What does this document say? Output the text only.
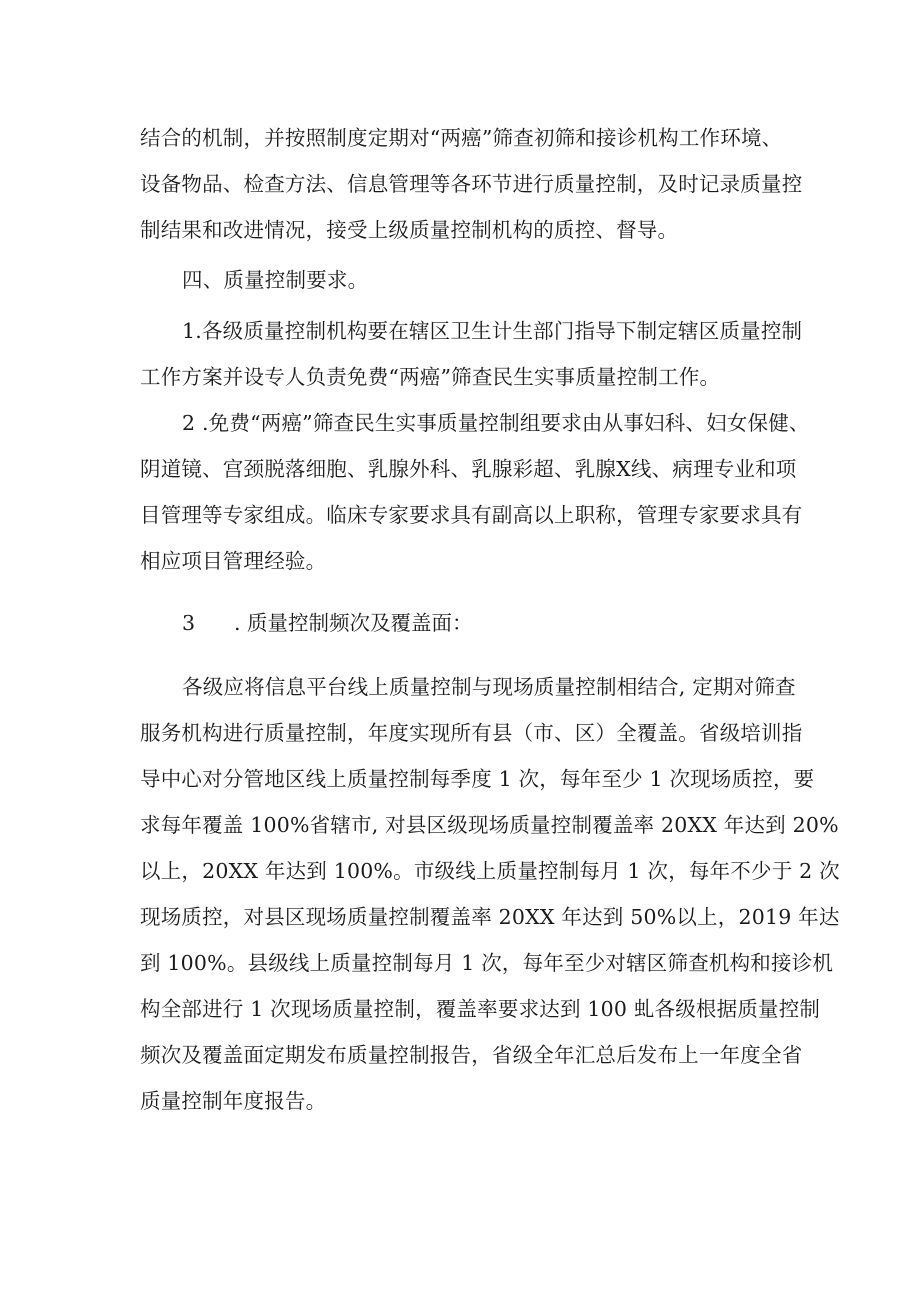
结合的机制，并按照制度定期对“两癌”筛查初筛和接诊机构工作环境、
设备物品、检查方法、信息管理等各环节进行质量控制，及时记录质量控
制结果和改进情况，接受上级质量控制机构的质控、督导。
四、质量控制要求。
1.各级质量控制机构要在辖区卫生计生部门指导下制定辖区质量控制
工作方案并设专人负责免费“两癌”筛查民生实事质量控制工作。
2 .免费“两癌”筛查民生实事质量控制组要求由从事妇科、妇女保健、
阴道镜、宫颈脱落细胞、乳腺外科、乳腺彩超、乳腺X线、病理专业和项
目管理等专家组成。临床专家要求具有副高以上职称，管理专家要求具有
相应项目管理经验。
3 . 质量控制频次及覆盖面：
各级应将信息平台线上质量控制与现场质量控制相结合, 定期对筛查
服务机构进行质量控制，年度实现所有县（市、区）全覆盖。省级培训指
导中心对分管地区线上质量控制每季度 1 次，每年至少 1 次现场质控，要
求每年覆盖 100%省辖市, 对县区级现场质量控制覆盖率 20XX 年达到 20%
以上，20XX 年达到 100%。市级线上质量控制每月 1 次，每年不少于 2 次
现场质控，对县区现场质量控制覆盖率 20XX 年达到 50%以上，2019 年达
到 100%。县级线上质量控制每月 1 次，每年至少对辖区筛查机构和接诊机
构全部进行 1 次现场质量控制，覆盖率要求达到 100 虬各级根据质量控制
频次及覆盖面定期发布质量控制报告，省级全年汇总后发布上一年度全省
质量控制年度报告。
